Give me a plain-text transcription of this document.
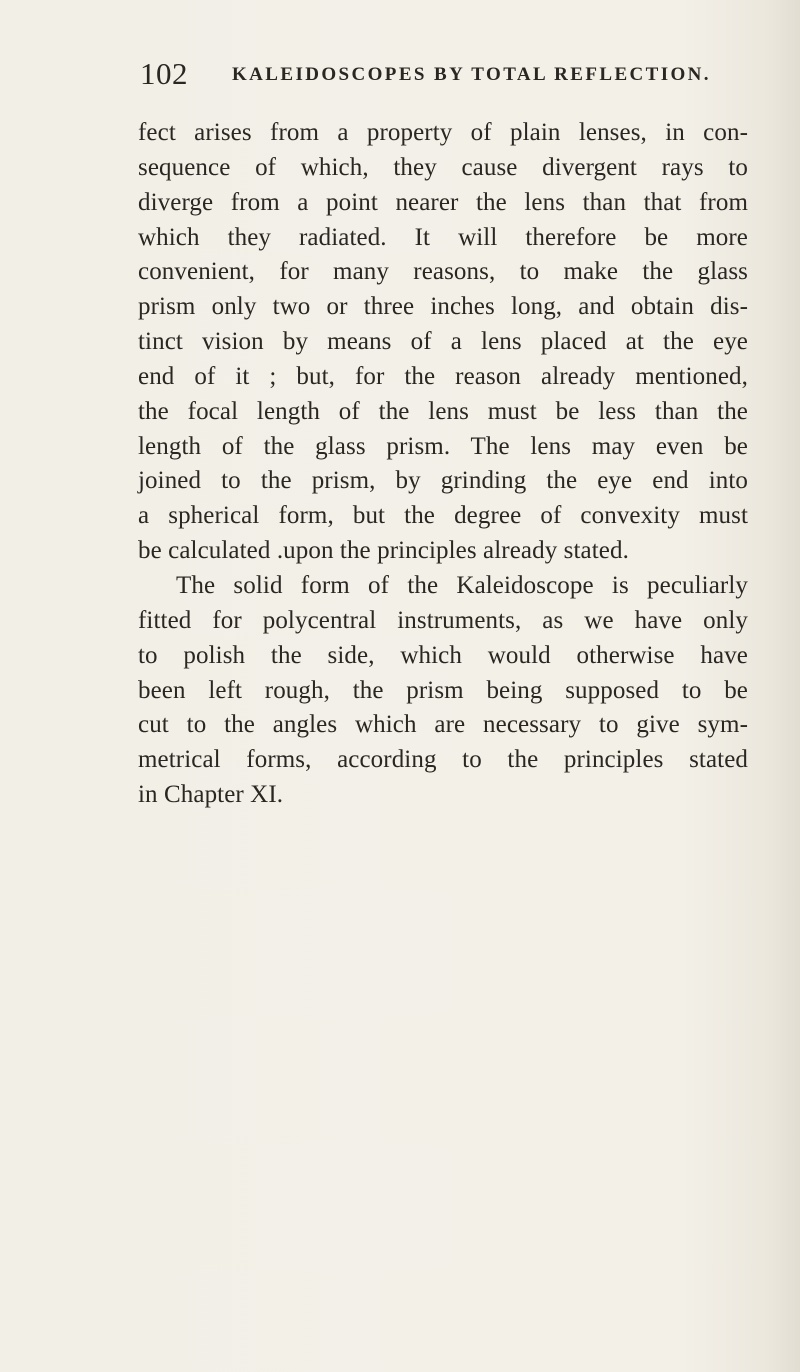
102 KALEIDOSCOPES BY TOTAL REFLECTION.
fect arises from a property of plain lenses, in con-
sequence of which, they cause divergent rays to
diverge from a point nearer the lens than that from
which they radiated. It will therefore be more
convenient, for many reasons, to make the glass
prism only two or three inches long, and obtain dis-
tinct vision by means of a lens placed at the eye
end of it ; but, for the reason already mentioned,
the focal length of the lens must be less than the
length of the glass prism. The lens may even be
joined to the prism, by grinding the eye end into
a spherical form, but the degree of convexity must
be calculated .upon the principles already stated.
The solid form of the Kaleidoscope is peculiarly
fitted for polycentral instruments, as we have only
to polish the side, which would otherwise have
been left rough, the prism being supposed to be
cut to the angles which are necessary to give sym-
metrical forms, according to the principles stated
in Chapter XI.
